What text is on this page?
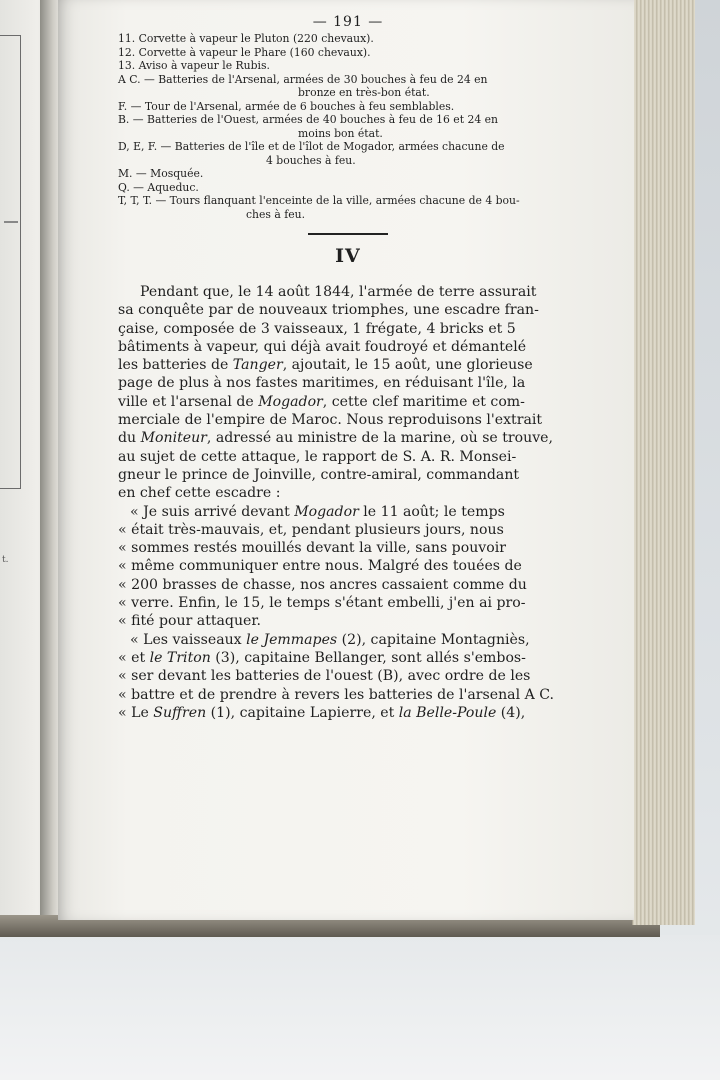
t.
— 191 —
11. Corvette à vapeur le Pluton (220 chevaux).
12. Corvette à vapeur le Phare (160 chevaux).
13. Aviso à vapeur le Rubis.
A C. — Batteries de l'Arsenal, armées de 30 bouches à feu de 24 en
bronze en très-bon état.
F. — Tour de l'Arsenal, armée de 6 bouches à feu semblables.
B. — Batteries de l'Ouest, armées de 40 bouches à feu de 16 et 24 en
moins bon état.
D, E, F. — Batteries de l'île et de l'îlot de Mogador, armées chacune de
4 bouches à feu.
M. — Mosquée.
Q. — Aqueduc.
T, T, T. — Tours flanquant l'enceinte de la ville, armées chacune de 4 bou-
ches à feu.
IV

Pendant que, le 14 août 1844, l'armée de terre assurait
sa conquête par de nouveaux triomphes, une escadre fran-
çaise, composée de 3 vaisseaux, 1 frégate, 4 bricks et 5
bâtiments à vapeur, qui déjà avait foudroyé et démantelé
les batteries de Tanger, ajoutait, le 15 août, une glorieuse
page de plus à nos fastes maritimes, en réduisant l'île, la
ville et l'arsenal de Mogador, cette clef maritime et com-
merciale de l'empire de Maroc. Nous reproduisons l'extrait
du Moniteur, adressé au ministre de la marine, où se trouve,
au sujet de cette attaque, le rapport de S. A. R. Monsei-
gneur le prince de Joinville, contre-amiral, commandant
en chef cette escadre :

« Je suis arrivé devant Mogador le 11 août; le temps
« était très-mauvais, et, pendant plusieurs jours, nous
« sommes restés mouillés devant la ville, sans pouvoir
« même communiquer entre nous. Malgré des touées de
« 200 brasses de chasse, nos ancres cassaient comme du
« verre. Enfin, le 15, le temps s'étant embelli, j'en ai pro-
« fité pour attaquer.

« Les vaisseaux le Jemmapes (2), capitaine Montagniès,
« et le Triton (3), capitaine Bellanger, sont allés s'embos-
« ser devant les batteries de l'ouest (B), avec ordre de les
« battre et de prendre à revers les batteries de l'arsenal A C.
« Le Suffren (1), capitaine Lapierre, et la Belle-Poule (4),
